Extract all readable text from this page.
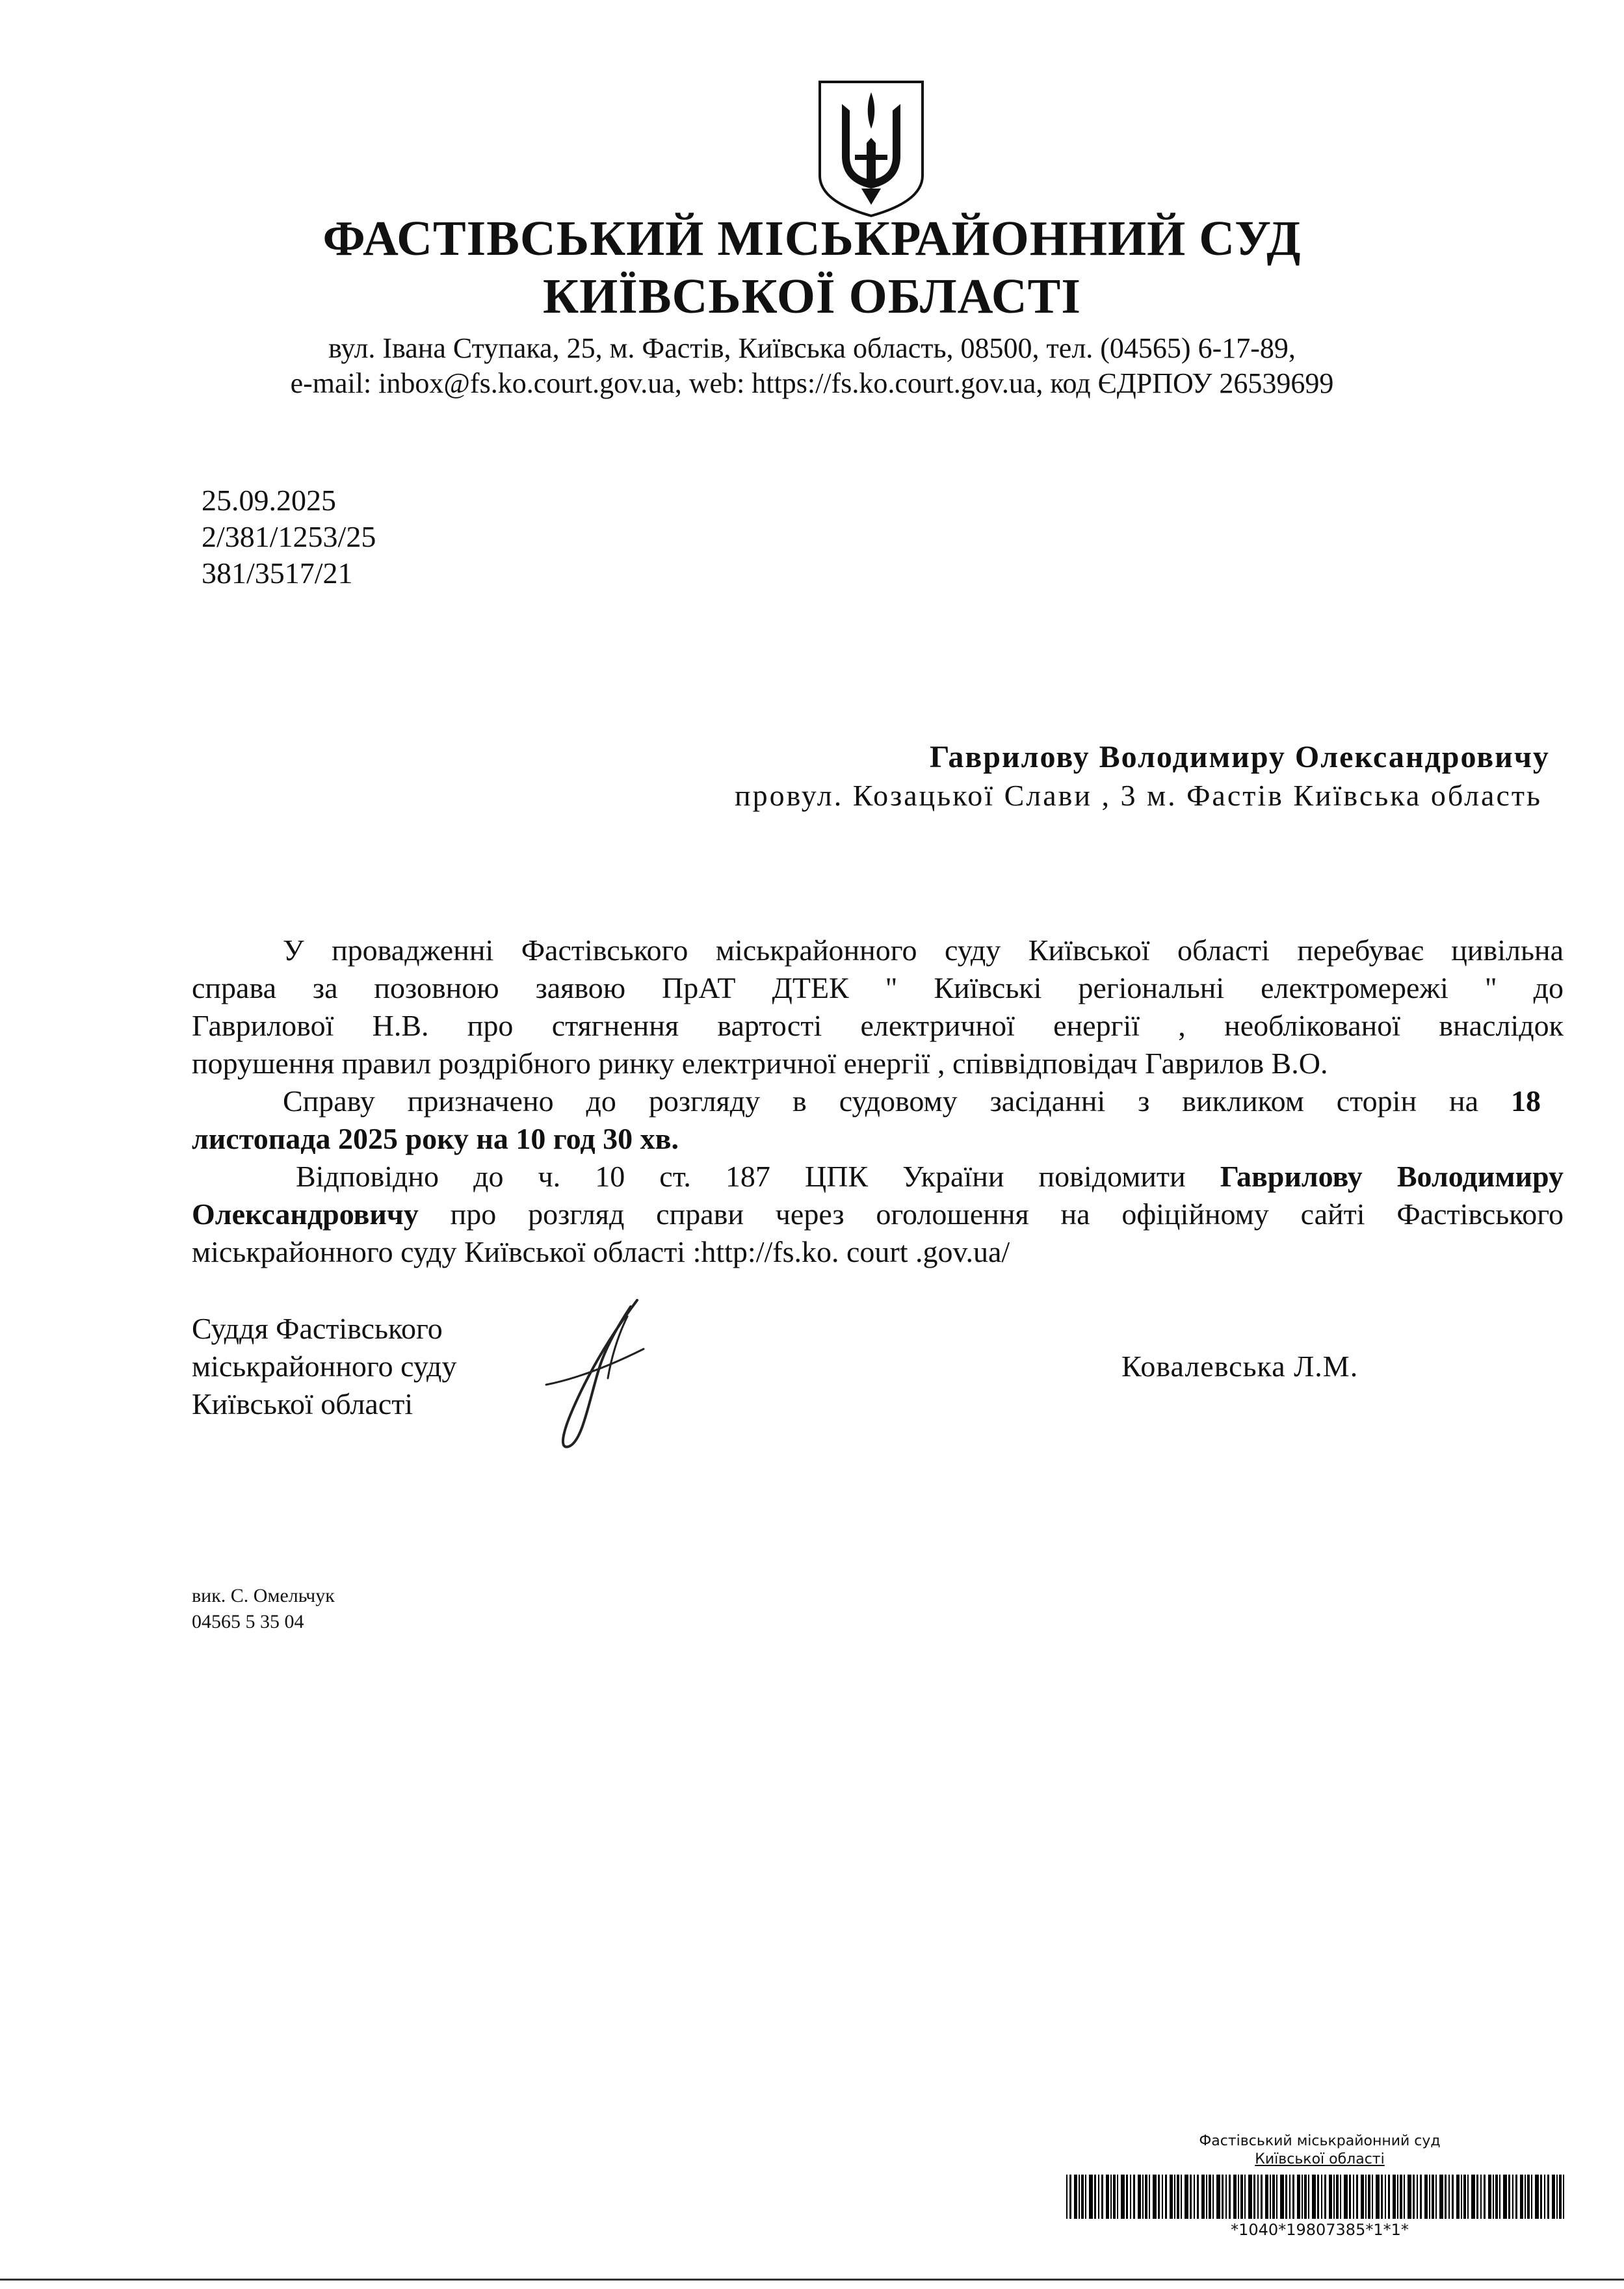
ФАСТІВСЬКИЙ МІСЬКРАЙОННИЙ СУД
КИЇВСЬКОЇ ОБЛАСТІ
вул. Івана Ступака, 25, м. Фастів, Київська область, 08500, тел. (04565) 6-17-89,
e-mail: inbox@fs.ko.court.gov.ua, web: https://fs.ko.court.gov.ua, код ЄДРПОУ 26539699
25.09.2025
2/381/1253/25
381/3517/21
Гаврилову Володимиру Олександровичу
провул. Козацької Слави , 3 м. Фастів Київська область
У провадженні Фастівського міськрайонного суду Київської області перебуває цивільна
справа за позовною заявою ПрАТ ДТЕК " Київські регіональні електромережі " до
Гаврилової Н.В. про стягнення вартості електричної енергії , необлікованої внаслідок
порушення правил роздрібного ринку електричної енергії , співвідповідач Гаврилов В.О.
Справу призначено до розгляду в судовому засіданні з викликом сторін на 18
листопада 2025 року на 10 год 30 хв.
Відповідно до ч. 10 ст. 187 ЦПК України повідомити Гаврилову Володимиру
Олександровичу про розгляд справи через оголошення на офіційному сайті Фастівського
міськрайонного суду Київської області :http://fs.ko. court .gov.ua/
Суддя Фастівського
міськрайонного суду
Київської області
Ковалевська Л.М.
вик. С. Омельчук
04565 5 35 04
Фастівський міськрайонний суд
Київської області
*1040*19807385*1*1*
